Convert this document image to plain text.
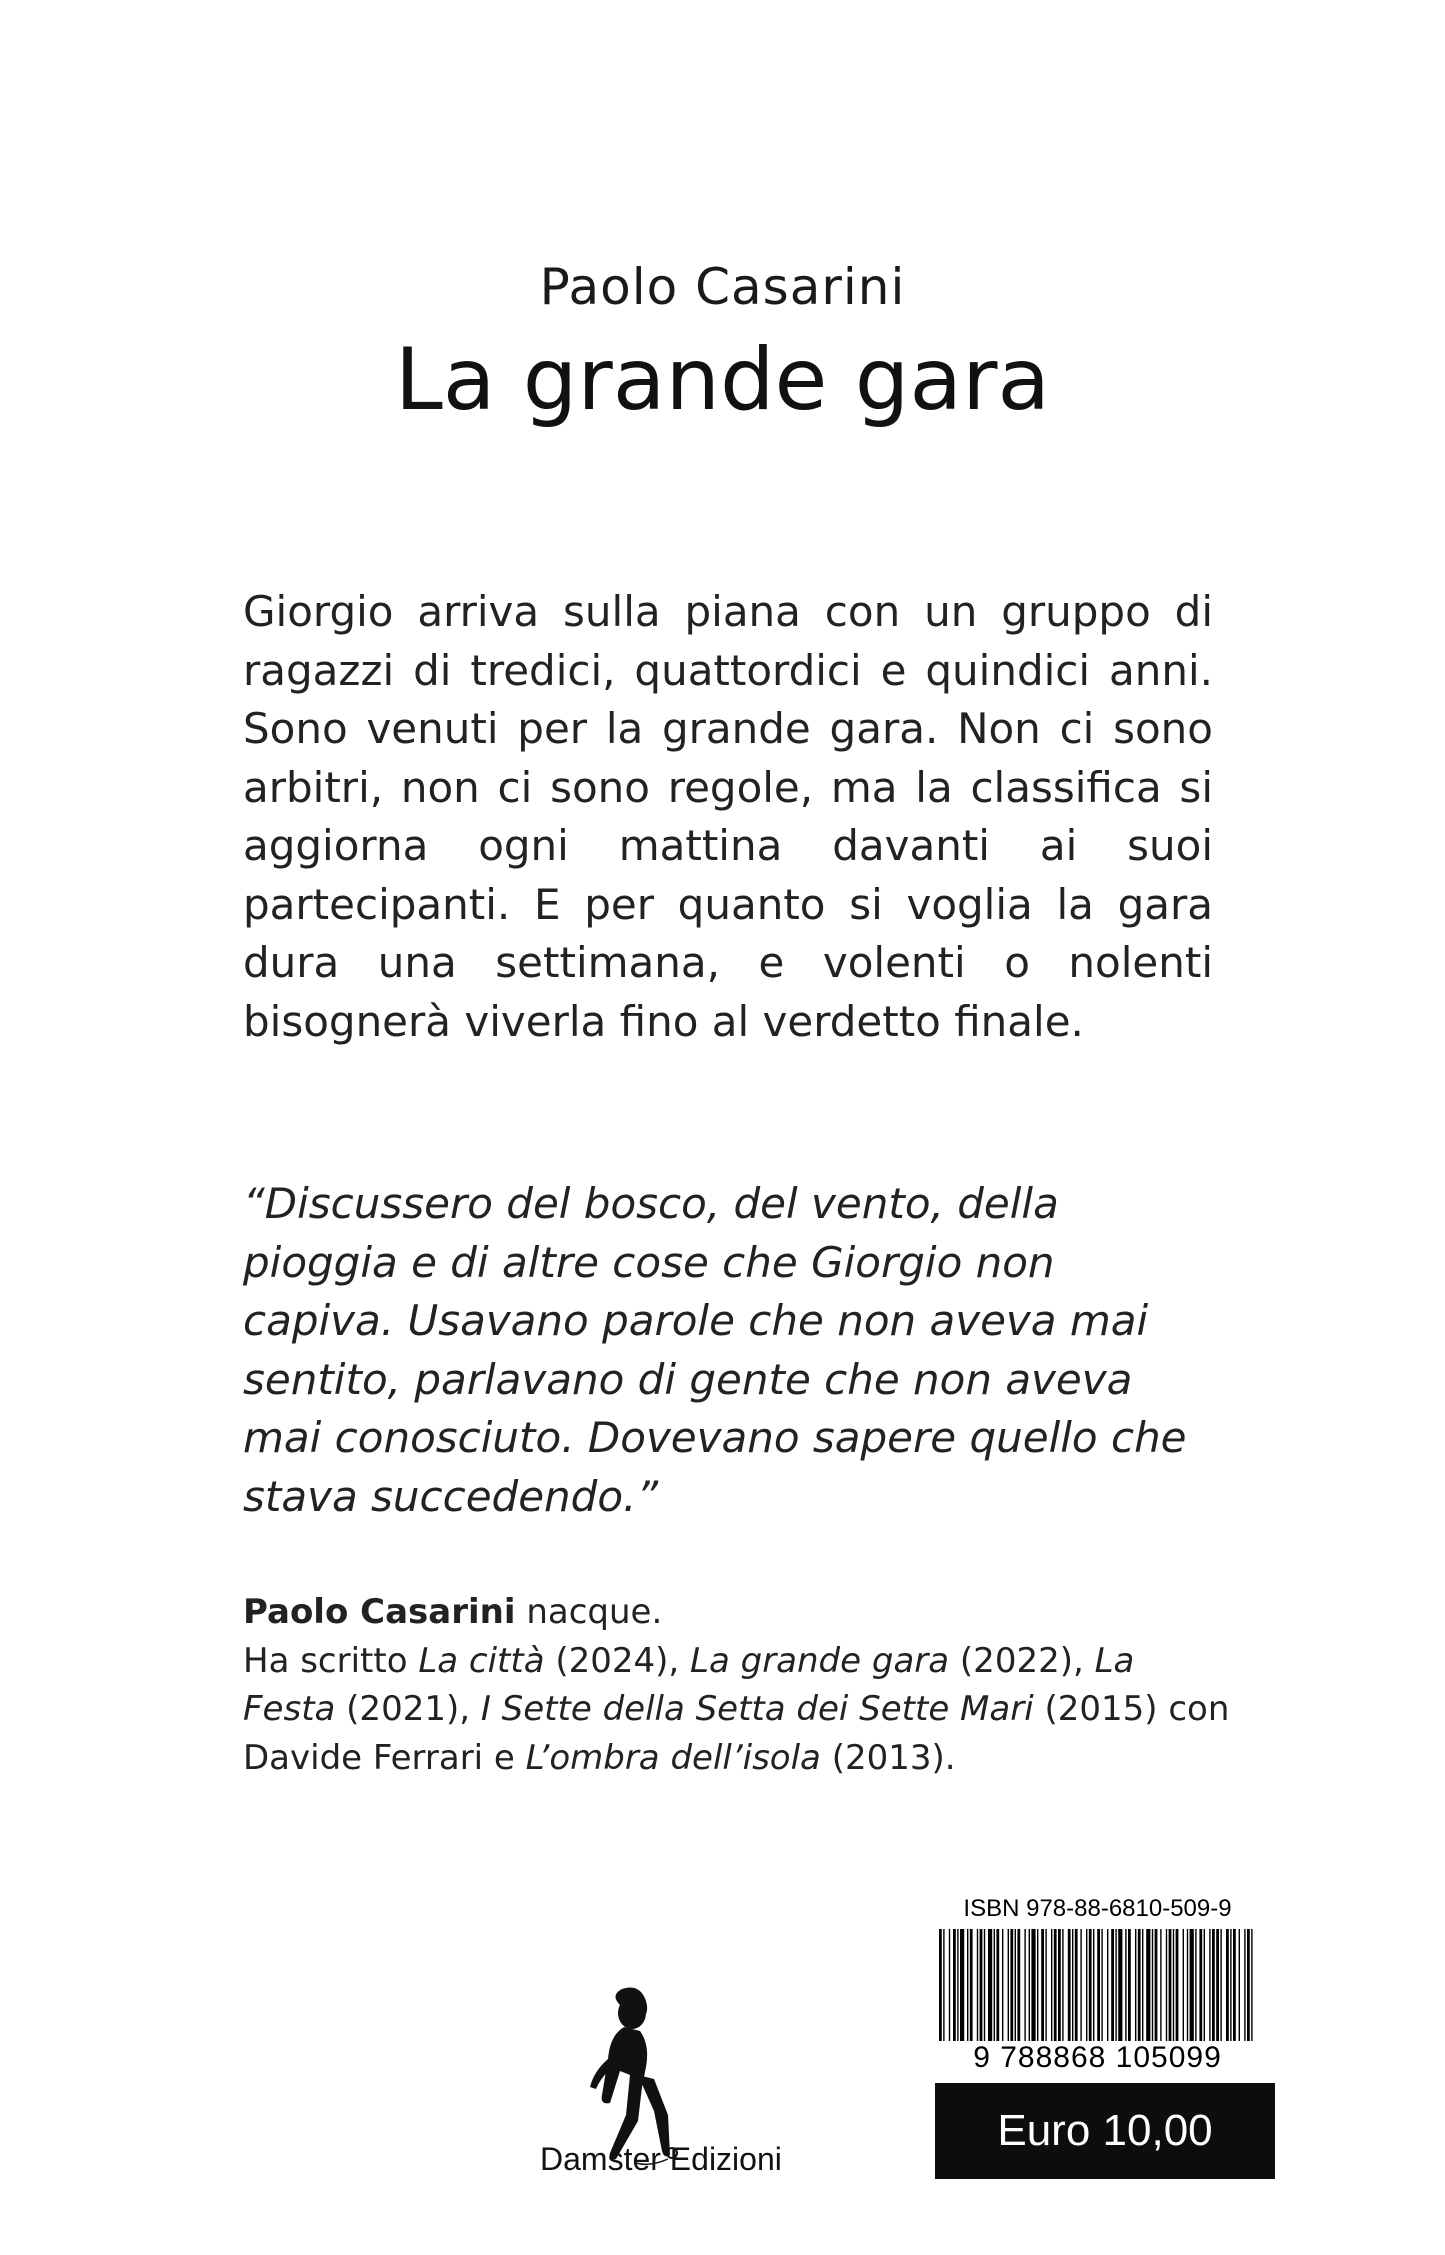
Paolo Casarini
La grande gara
Giorgio arriva sulla piana con un gruppo di ragazzi di tredici, quattordici e quindici anni. Sono venuti per la grande gara. Non ci sono arbitri, non ci sono regole, ma la classifica si aggiorna ogni mattina davanti ai suoi partecipanti. E per quanto si voglia la gara dura una settimana, e volenti o nolenti bisognerà viverla fino al verdetto finale.
“Discussero del bosco, del vento, della pioggia e di altre cose che Giorgio non capiva. Usavano parole che non aveva mai sentito, parlavano di gente che non aveva mai conosciuto. Dovevano sapere quello che stava succedendo.”
Paolo Casarini nacque.
Ha scritto La città (2024), La grande gara (2022), La Festa (2021), I Sette della Setta dei Sette Mari (2015) con Davide Ferrari e L’ombra dell’isola (2013).
Damster Edizioni
ISBN 978-88-6810-509-9
9 788868 105099
Euro 10,00
